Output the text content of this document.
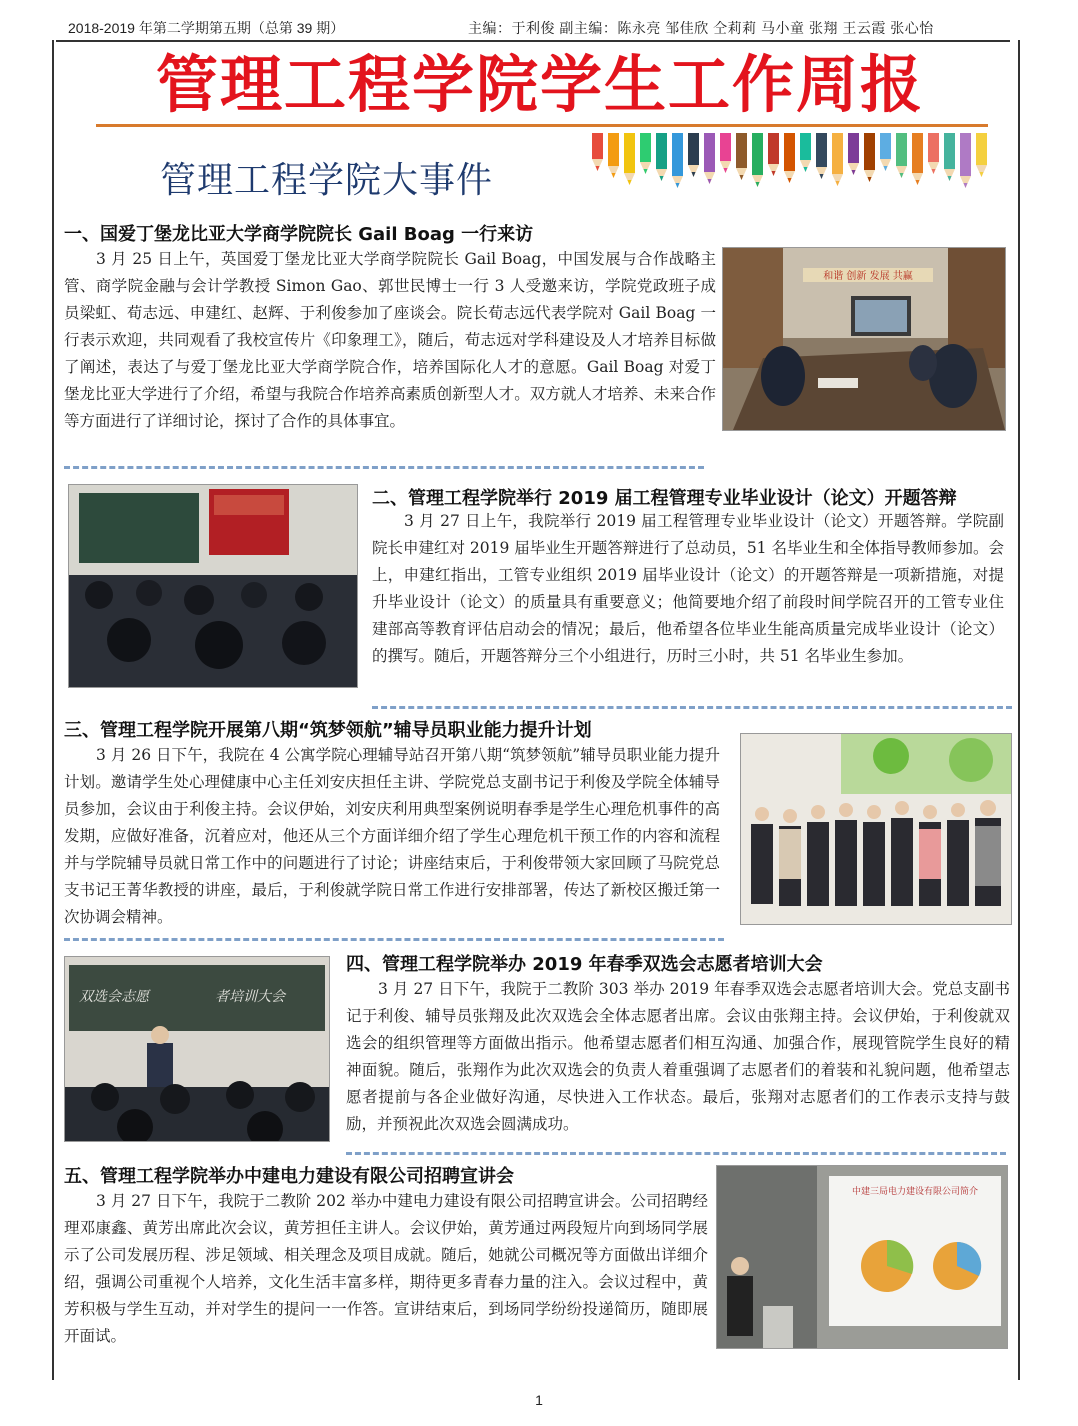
2018-2019 年第二学期第五期（总第 39 期）	主编：于利俊 副主编：陈永亮 邹佳欣 仝莉莉 马小童 张翔 王云霞 张心怡
管理工程学院学生工作周报
管理工程学院大事件
一、国爱丁堡龙比亚大学商学院院长 Gail Boag 一行来访
3 月 25 日上午，英国爱丁堡龙比亚大学商学院院长 Gail Boag，中国发展与合作战略主管、商学院金融与会计学教授 Simon Gao、郭世民博士一行 3 人受邀来访，学院党政班子成员梁虹、荀志远、申建红、赵辉、于利俊参加了座谈会。院长荀志远代表学院对 Gail Boag 一行表示欢迎，共同观看了我校宣传片《印象理工》，随后，荀志远对学科建设及人才培养目标做了阐述，表达了与爱丁堡龙比亚大学商学院合作，培养国际化人才的意愿。Gail Boag 对爱丁堡龙比亚大学进行了介绍，希望与我院合作培养高素质创新型人才。双方就人才培养、未来合作等方面进行了详细讨论，探讨了合作的具体事宜。
和谐 创新 发展 共赢
二、管理工程学院举行 2019 届工程管理专业毕业设计（论文）开题答辩
3 月 27 日上午，我院举行 2019 届工程管理专业毕业设计（论文）开题答辩。学院副院长申建红对 2019 届毕业生开题答辩进行了总动员，51 名毕业生和全体指导教师参加。会上，申建红指出，工管专业组织 2019 届毕业设计（论文）的开题答辩是一项新措施，对提升毕业设计（论文）的质量具有重要意义；他简要地介绍了前段时间学院召开的工管专业住建部高等教育评估启动会的情况；最后，他希望各位毕业生能高质量完成毕业设计（论文）的撰写。随后，开题答辩分三个小组进行，历时三小时，共 51 名毕业生参加。
三、管理工程学院开展第八期“筑梦领航”辅导员职业能力提升计划
3 月 26 日下午，我院在 4 公寓学院心理辅导站召开第八期“筑梦领航”辅导员职业能力提升计划。邀请学生处心理健康中心主任刘安庆担任主讲、学院党总支副书记于利俊及学院全体辅导员参加，会议由于利俊主持。会议伊始，刘安庆利用典型案例说明春季是学生心理危机事件的高发期，应做好准备，沉着应对，他还从三个方面详细介绍了学生心理危机干预工作的内容和流程并与学院辅导员就日常工作中的问题进行了讨论；讲座结束后，于利俊带领大家回顾了马院党总支书记王菁华教授的讲座，最后，于利俊就学院日常工作进行安排部署，传达了新校区搬迁第一次协调会精神。
双选会志愿	者培训大会
四、管理工程学院举办 2019 年春季双选会志愿者培训大会
3 月 27 日下午，我院于二教阶 303 举办 2019 年春季双选会志愿者培训大会。党总支副书记于利俊、辅导员张翔及此次双选会全体志愿者出席。会议由张翔主持。会议伊始，于利俊就双选会的组织管理等方面做出指示。他希望志愿者们相互沟通、加强合作，展现管院学生良好的精神面貌。随后，张翔作为此次双选会的负责人着重强调了志愿者们的着装和礼貌问题，他希望志愿者提前与各企业做好沟通，尽快进入工作状态。最后，张翔对志愿者们的工作表示支持与鼓励，并预祝此次双选会圆满成功。
五、管理工程学院举办中建电力建设有限公司招聘宣讲会
3 月 27 日下午，我院于二教阶 202 举办中建电力建设有限公司招聘宣讲会。公司招聘经理邓康鑫、黄芳出席此次会议，黄芳担任主讲人。会议伊始，黄芳通过两段短片向到场同学展示了公司发展历程、涉足领域、相关理念及项目成就。随后，她就公司概况等方面做出详细介绍，强调公司重视个人培养，文化生活丰富多样，期待更多青春力量的注入。会议过程中，黄芳积极与学生互动，并对学生的提问一一作答。宣讲结束后，到场同学纷纷投递简历，随即展开面试。
中建三局电力建设有限公司简介
1
